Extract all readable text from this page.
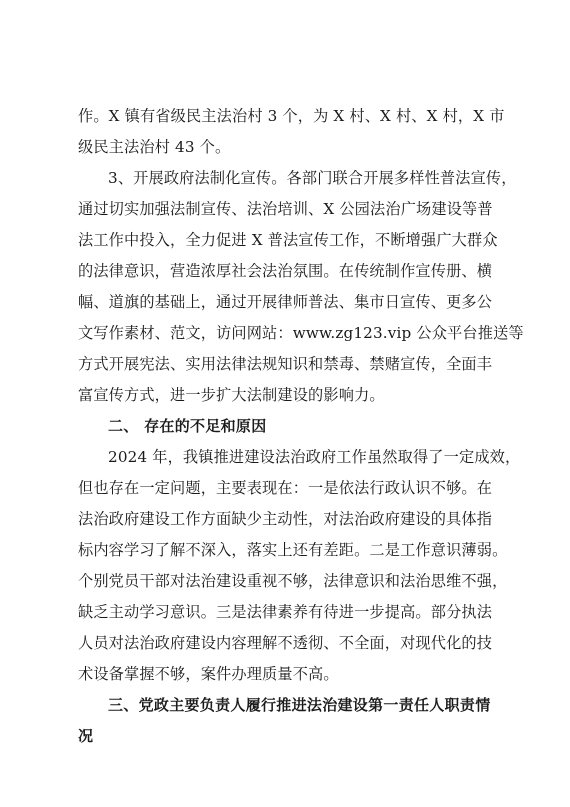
作。X 镇有省级民主法治村 3 个，为 X 村、X 村、X 村，X 市
级民主法治村 43 个。
3、开展政府法制化宣传。各部门联合开展多样性普法宣传，
通过切实加强法制宣传、法治培训、X 公园法治广场建设等普
法工作中投入，全力促进 X 普法宣传工作，不断增强广大群众
的法律意识，营造浓厚社会法治氛围。在传统制作宣传册、横
幅、道旗的基础上，通过开展律师普法、集市日宣传、更多公
文写作素材、范文，访问网站：www.zg123.vip 公众平台推送等
方式开展宪法、实用法律法规知识和禁毒、禁赌宣传，全面丰
富宣传方式，进一步扩大法制建设的影响力。
二、 存在的不足和原因
2024 年，我镇推进建设法治政府工作虽然取得了一定成效，
但也存在一定问题，主要表现在：一是依法行政认识不够。在
法治政府建设工作方面缺少主动性，对法治政府建设的具体指
标内容学习了解不深入，落实上还有差距。二是工作意识薄弱。
个别党员干部对法治建设重视不够，法律意识和法治思维不强，
缺乏主动学习意识。三是法律素养有待进一步提高。部分执法
人员对法治政府建设内容理解不透彻、不全面，对现代化的技
术设备掌握不够，案件办理质量不高。
三、党政主要负责人履行推进法治建设第一责任人职责情
况
